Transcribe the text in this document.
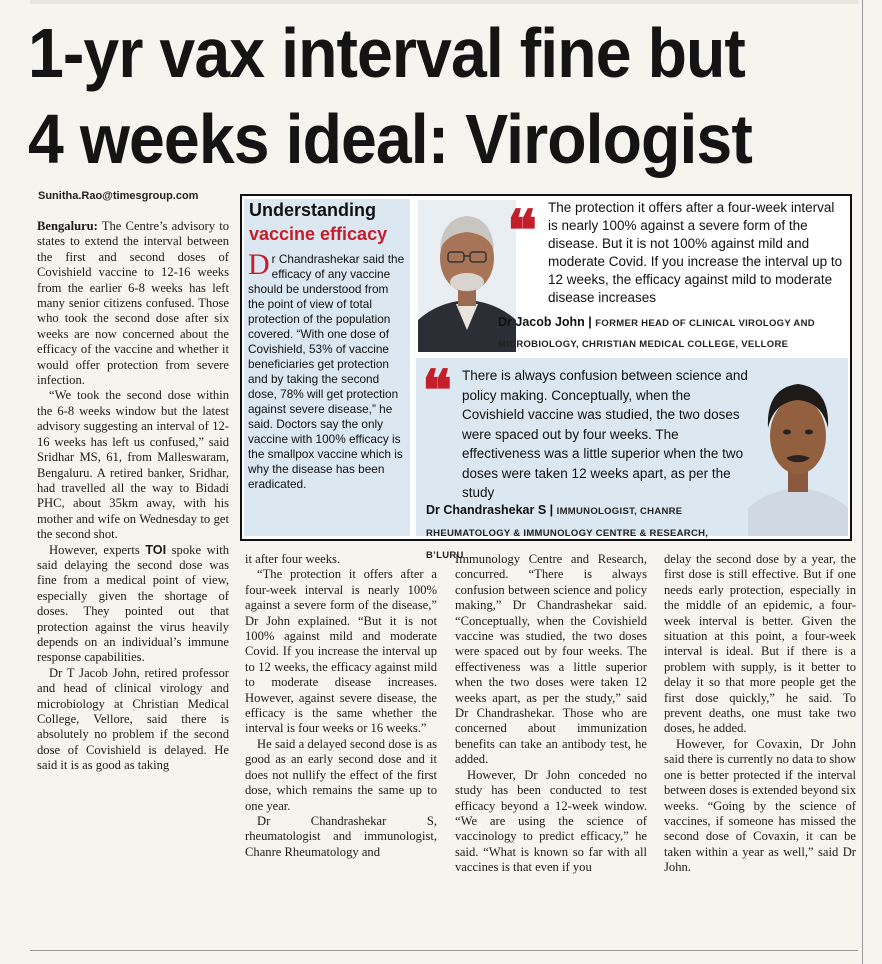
1-yr vax interval fine but
4 weeks ideal: Virologist
Sunitha.Rao@timesgroup.com

Bengaluru: The Centre’s advisory to states to extend the interval between the first and second doses of Covishield vaccine to 12-16 weeks from the earlier 6-8 weeks has left many senior citizens confused. Those who took the second dose after six weeks are now concerned about the efficacy of the vaccine and whether it would offer protection from severe infection.

“We took the second dose within the 6-8 weeks window but the latest advisory suggesting an interval of 12-16 weeks has left us confused,” said Sridhar MS, 61, from Malleswaram, Bengaluru. A retired banker, Sridhar, had travelled all the way to Bidadi PHC, about 35km away, with his mother and wife on Wednesday to get the second shot.

However, experts TOI spoke with said delaying the second dose was fine from a medical point of view, especially given the shortage of doses. They pointed out that protection against the virus heavily depends on an individual’s immune response capabilities.

Dr T Jacob John, retired professor and head of clinical virology and microbiology at Christian Medical College, Vellore, said there is absolutely no problem if the second dose of Covishield is delayed. He said it is as good as taking

Understanding
vaccine efficacy
Dr Chandrashekar said the efficacy of any vaccine should be understood from the point of view of total protection of the population covered. “With one dose of Covishield, 53% of vaccine beneficiaries get protection and by taking the second dose, 78% will get protection against severe disease,” he said. Doctors say the only vaccine with 100% efficacy is the smallpox vaccine which is why the disease has been eradicated.
❝ The protection it offers after a four-week interval is nearly 100% against a severe form of the disease. But it is not 100% against mild and moderate Covid. If you increase the interval up to 12 weeks, the efficacy against mild to moderate disease increases
Dr Jacob John | FORMER HEAD OF CLINICAL VIROLOGY AND MICROBIOLOGY, CHRISTIAN MEDICAL COLLEGE, VELLORE
❝ There is always confusion between science and policy making. Conceptually, when the Covishield vaccine was studied, the two doses were spaced out by four weeks. The effectiveness was a little superior when the two doses were taken 12 weeks apart, as per the study
Dr Chandrashekar S | IMMUNOLOGIST, CHANRE RHEUMATOLOGY & IMMUNOLOGY CENTRE & RESEARCH, B’LURU

it after four weeks.

“The protection it offers after a four-week interval is nearly 100% against a severe form of the disease,” Dr John explained. “But it is not 100% against mild and moderate Covid. If you increase the interval up to 12 weeks, the efficacy against mild to moderate disease increases. However, against severe disease, the efficacy is the same whether the interval is four weeks or 16 weeks.”

He said a delayed second dose is as good as an early second dose and it does not nullify the effect of the first dose, which remains the same up to one year.

Dr Chandrashekar S, rheumatologist and immunologist, Chanre Rheumatology and

Immunology Centre and Research, concurred. “There is always confusion between science and policy making,” Dr Chandrashekar said. “Conceptually, when the Covishield vaccine was studied, the two doses were spaced out by four weeks. The effectiveness was a little superior when the two doses were taken 12 weeks apart, as per the study,” said Dr Chandrashekar. Those who are concerned about immunization benefits can take an antibody test, he added.

However, Dr John conceded no study has been conducted to test efficacy beyond a 12-week window. “We are using the science of vaccinology to predict efficacy,” he said. “What is known so far with all vaccines is that even if you

delay the second dose by a year, the first dose is still effective. But if one needs early protection, especially in the middle of an epidemic, a four-week interval is better. Given the situation at this point, a four-week interval is ideal. But if there is a problem with supply, is it better to delay it so that more people get the first dose quickly,” he said. To prevent deaths, one must take two doses, he added.

However, for Covaxin, Dr John said there is currently no data to show one is better protected if the interval between doses is extended beyond six weeks. “Going by the science of vaccines, if someone has missed the second dose of Covaxin, it can be taken within a year as well,” said Dr John.
